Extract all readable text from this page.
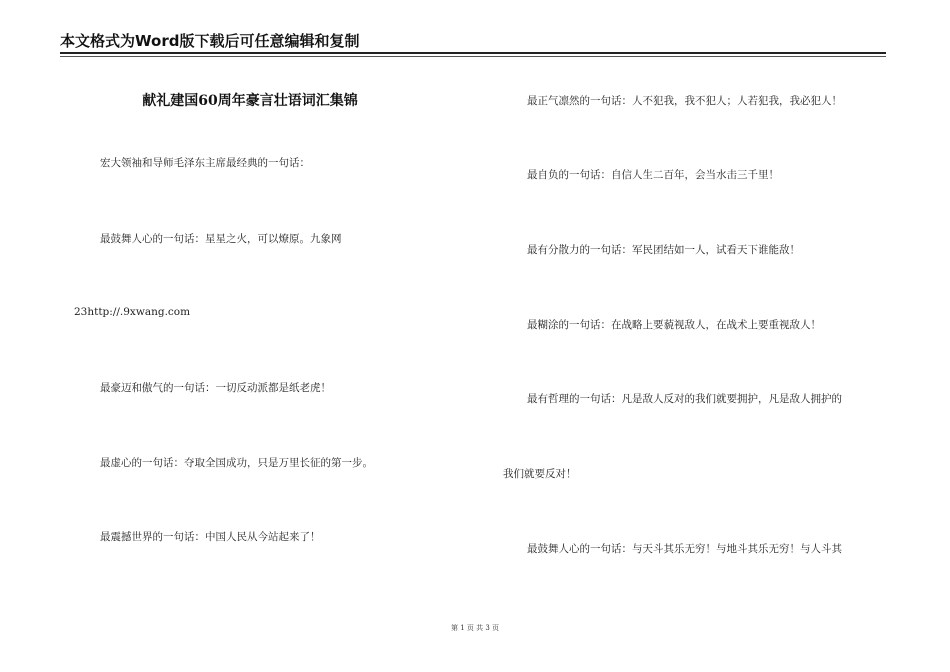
本文格式为Word版下载后可任意编辑和复制
献礼建国60周年豪言壮语词汇集锦
宏大领袖和导师毛泽东主席最经典的一句话：
最鼓舞人心的一句话：星星之火，可以燎原。九象网
23http://.9xwang.com
最豪迈和傲气的一句话：一切反动派都是纸老虎！
最虚心的一句话：夺取全国成功，只是万里长征的第一步。
最震撼世界的一句话：中国人民从今站起来了！
最正气凛然的一句话：人不犯我，我不犯人；人若犯我，我必犯人！
最自负的一句话：自信人生二百年，会当水击三千里！
最有分散力的一句话：军民团结如一人，试看天下谁能敌！
最糊涂的一句话：在战略上要藐视敌人，在战术上要重视敌人！
最有哲理的一句话：凡是敌人反对的我们就要拥护，凡是敌人拥护的
我们就要反对！
最鼓舞人心的一句话：与天斗其乐无穷！与地斗其乐无穷！与人斗其
第 1 页 共 3 页
